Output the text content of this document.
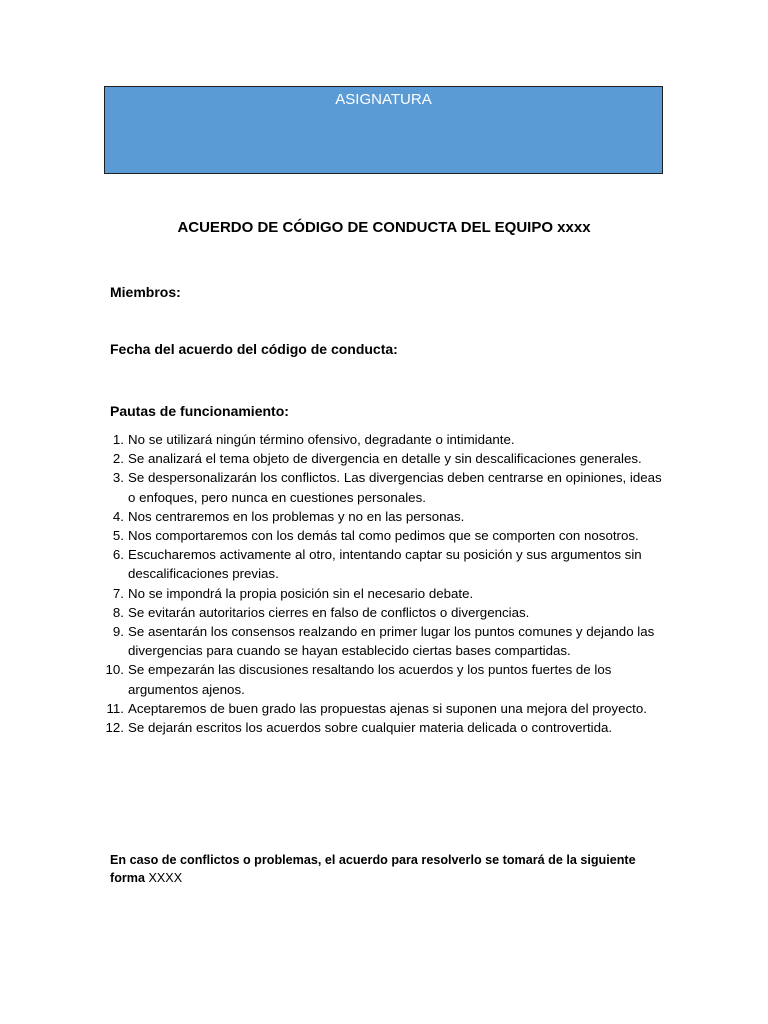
ASIGNATURA
ACUERDO DE CÓDIGO DE CONDUCTA DEL EQUIPO xxxx
Miembros:
Fecha del acuerdo del código de conducta:
Pautas de funcionamiento:
1. No se utilizará ningún término ofensivo, degradante o intimidante.
2. Se analizará el tema objeto de divergencia en detalle y sin descalificaciones generales.
3. Se despersonalizarán los conflictos. Las divergencias deben centrarse en opiniones, ideas o enfoques, pero nunca en cuestiones personales.
4. Nos centraremos en los problemas y no en las personas.
5. Nos comportaremos con los demás tal como pedimos que se comporten con nosotros.
6. Escucharemos activamente al otro, intentando captar su posición y sus argumentos sin descalificaciones previas.
7. No se impondrá la propia posición sin el necesario debate.
8. Se evitarán autoritarios cierres en falso de conflictos o divergencias.
9. Se asentarán los consensos realzando en primer lugar los puntos comunes y dejando las divergencias para cuando se hayan establecido ciertas bases compartidas.
10. Se empezarán las discusiones resaltando los acuerdos y los puntos fuertes de los argumentos ajenos.
11. Aceptaremos de buen grado las propuestas ajenas si suponen una mejora del proyecto.
12. Se dejarán escritos los acuerdos sobre cualquier materia delicada o controvertida.
En caso de conflictos o problemas, el acuerdo para resolverlo se tomará de la siguiente forma XXXX
